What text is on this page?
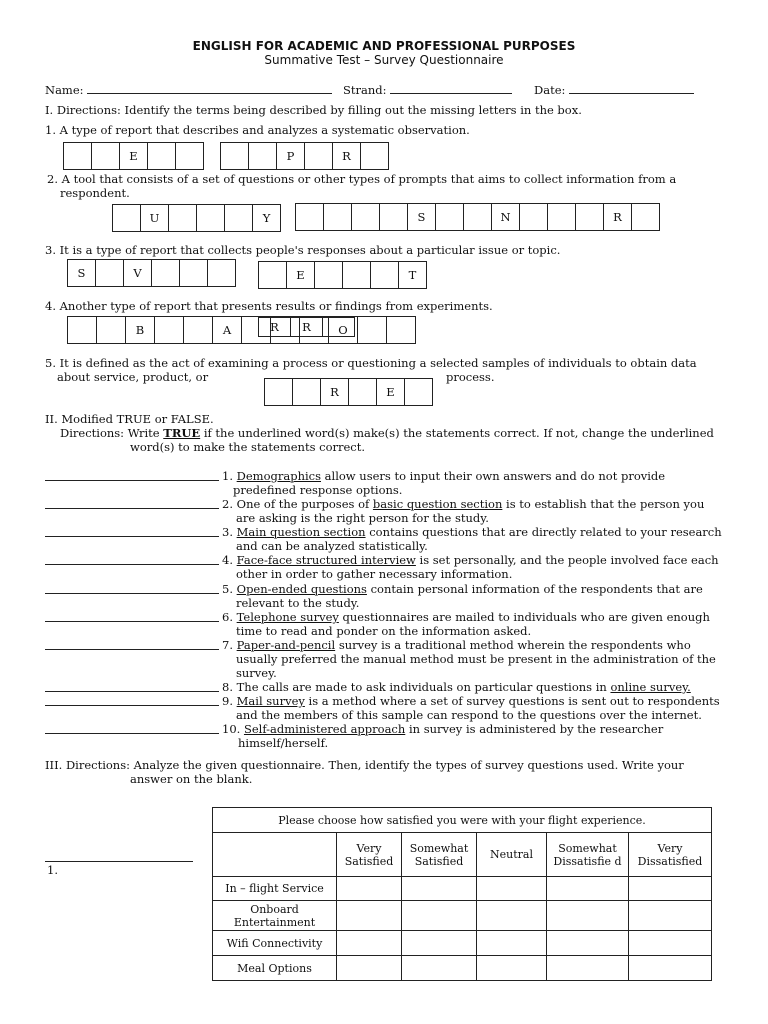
ENGLISH FOR ACADEMIC AND PROFESSIONAL PURPOSES
Summative Test – Survey Questionnaire
Name:	Strand:	Date:
I. Directions: Identify the terms being described by filling out the missing letters in the box.
1. A type of report that describes and analyzes a systematic observation.
E	P	R
2. A tool that consists of a set of questions or other types of prompts that aims to collect information from a
respondent.
U	Y	S	N	R
3. It is a type of report that collects people's responses about a particular issue or topic.
S	V	E	T
4. Another type of report that presents results or findings from experiments.
B	A	O
R	R
5. It is defined as the act of examining a process or questioning a selected samples of individuals to obtain data
about service, product, or	process.
R	E
II. Modified TRUE or FALSE.
Directions: Write TRUE if the underlined word(s) make(s) the statements correct. If not, change the underlined
word(s) to make the statements correct.
1. Demographics allow users to input their own answers and do not provide
predefined response options.
2. One of the purposes of basic question section is to establish that the person you
are asking is the right person for the study.
3. Main question section contains questions that are directly related to your research
and can be analyzed statistically.
4. Face-face structured interview is set personally, and the people involved face each
other in order to gather necessary information.
5. Open-ended questions contain personal information of the respondents that are
relevant to the study.
6. Telephone survey questionnaires are mailed to individuals who are given enough
time to read and ponder on the information asked.
7. Paper-and-pencil survey is a traditional method wherein the respondents who
usually preferred the manual method must be present in the administration of the
survey.
8. The calls are made to ask individuals on particular questions in online survey.
9. Mail survey is a method where a set of survey questions is sent out to respondents
and the members of this sample can respond to the questions over the internet.
10. Self-administered approach in survey is administered by the researcher
himself/herself.
III. Directions: Analyze the given questionnaire. Then, identify the types of survey questions used. Write your
answer on the blank.
1.
Please choose how satisfied you were with your flight experience.					
	Very Satisfied	Somewhat Satisfied	Neutral	Somewhat Dissatisfie d	Very Dissatisfied
In – flight Service					
Onboard Entertainment					
Wifi Connectivity					
Meal Options					
